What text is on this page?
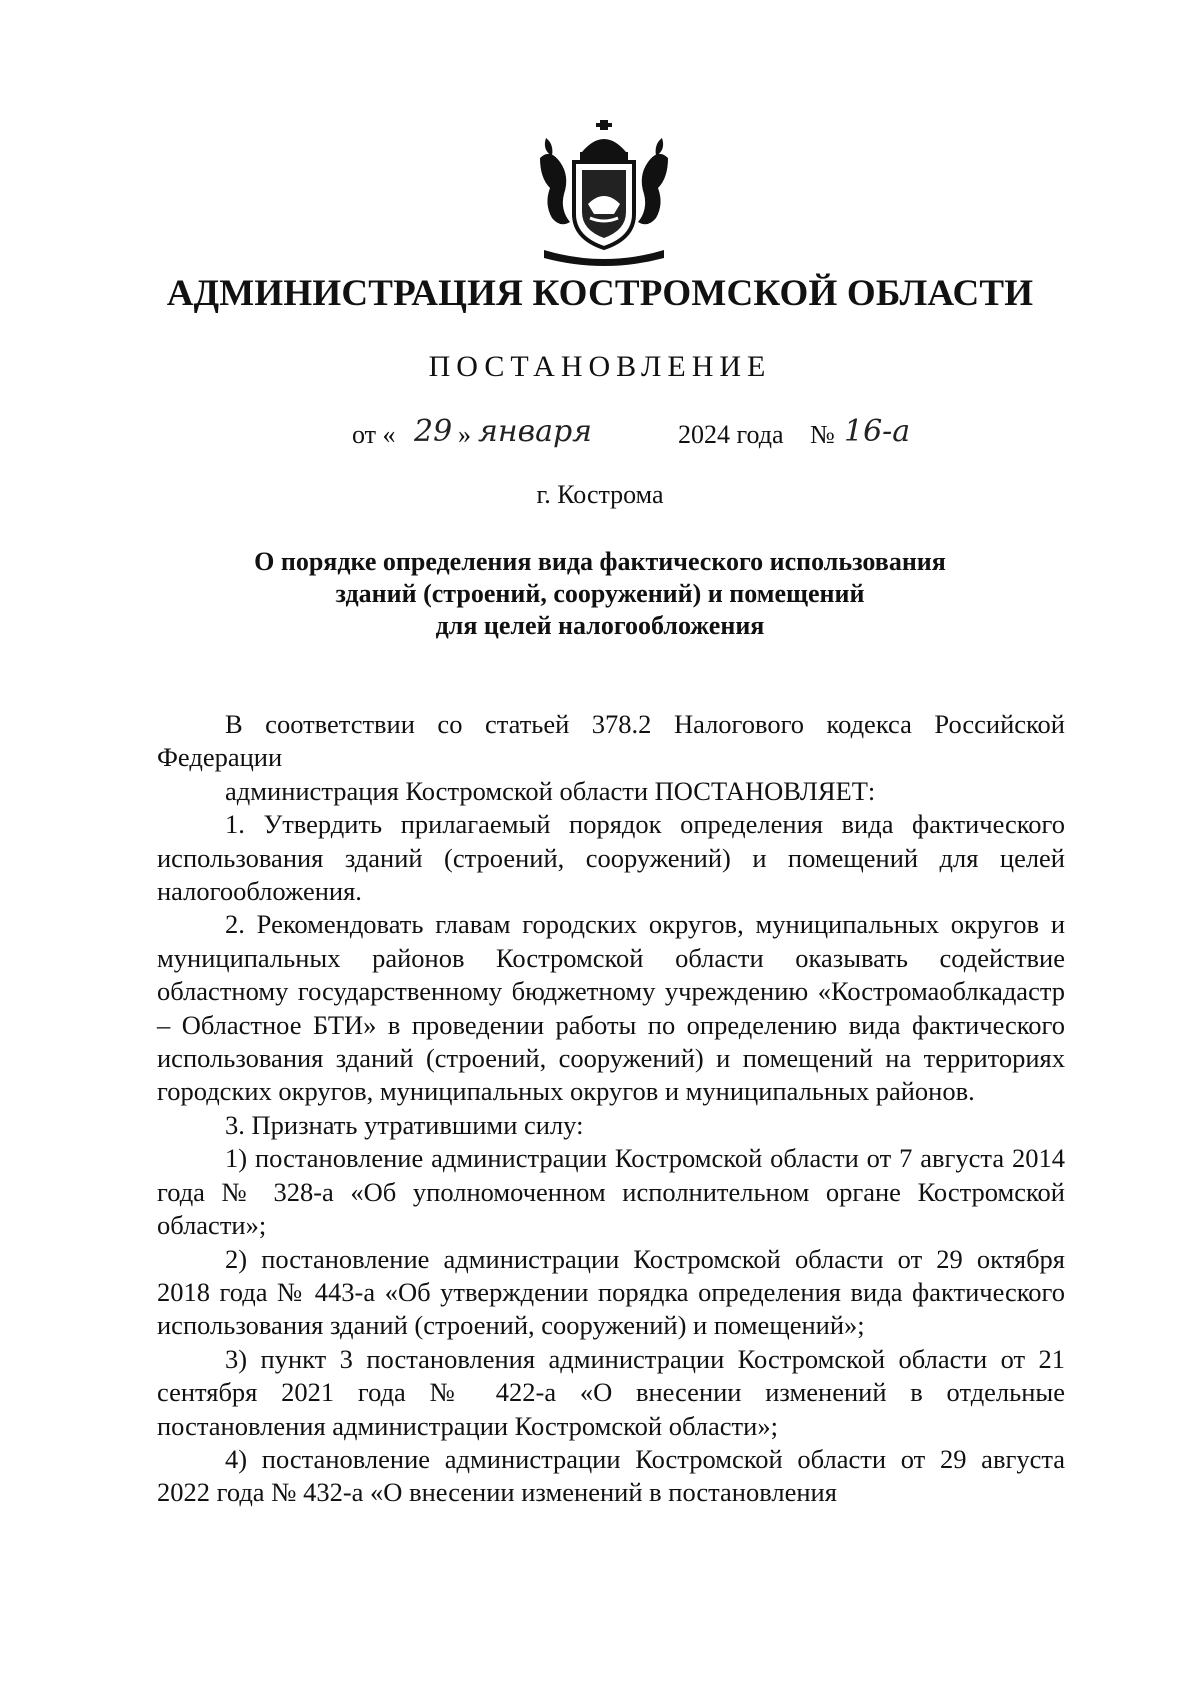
АДМИНИСТРАЦИЯ КОСТРОМСКОЙ ОБЛАСТИ
ПОСТАНОВЛЕНИЕ
от « 29 » января	2024 года № 16-а
г. Кострома
О порядке определения вида фактического использования
зданий (строений, сооружений) и помещений
для целей налогообложения

В соответствии со статьей 378.2 Налогового кодекса Российской Федерации

администрация Костромской области ПОСТАНОВЛЯЕТ:

1. Утвердить прилагаемый порядок определения вида фактического использования зданий (строений, сооружений) и помещений для целей налогообложения.

2. Рекомендовать главам городских округов, муниципальных округов и муниципальных районов Костромской области оказывать содействие областному государственному бюджетному учреждению «Костромаоблкадастр – Областное БТИ» в проведении работы по определению вида фактического использования зданий (строений, сооружений) и помещений на территориях городских округов, муниципальных округов и муниципальных районов.

3. Признать утратившими силу:

1) постановление администрации Костромской области от 7 августа 2014 года № 328-а «Об уполномоченном исполнительном органе Костромской области»;

2) постановление администрации Костромской области от 29 октября 2018 года № 443-а «Об утверждении порядка определения вида фактического использования зданий (строений, сооружений) и помещений»;

3) пункт 3 постановления администрации Костромской области от 21 сентября 2021 года № 422-а «О внесении изменений в отдельные постановления администрации Костромской области»;

4) постановление администрации Костромской области от 29 августа 2022 года № 432-а «О внесении изменений в постановления
